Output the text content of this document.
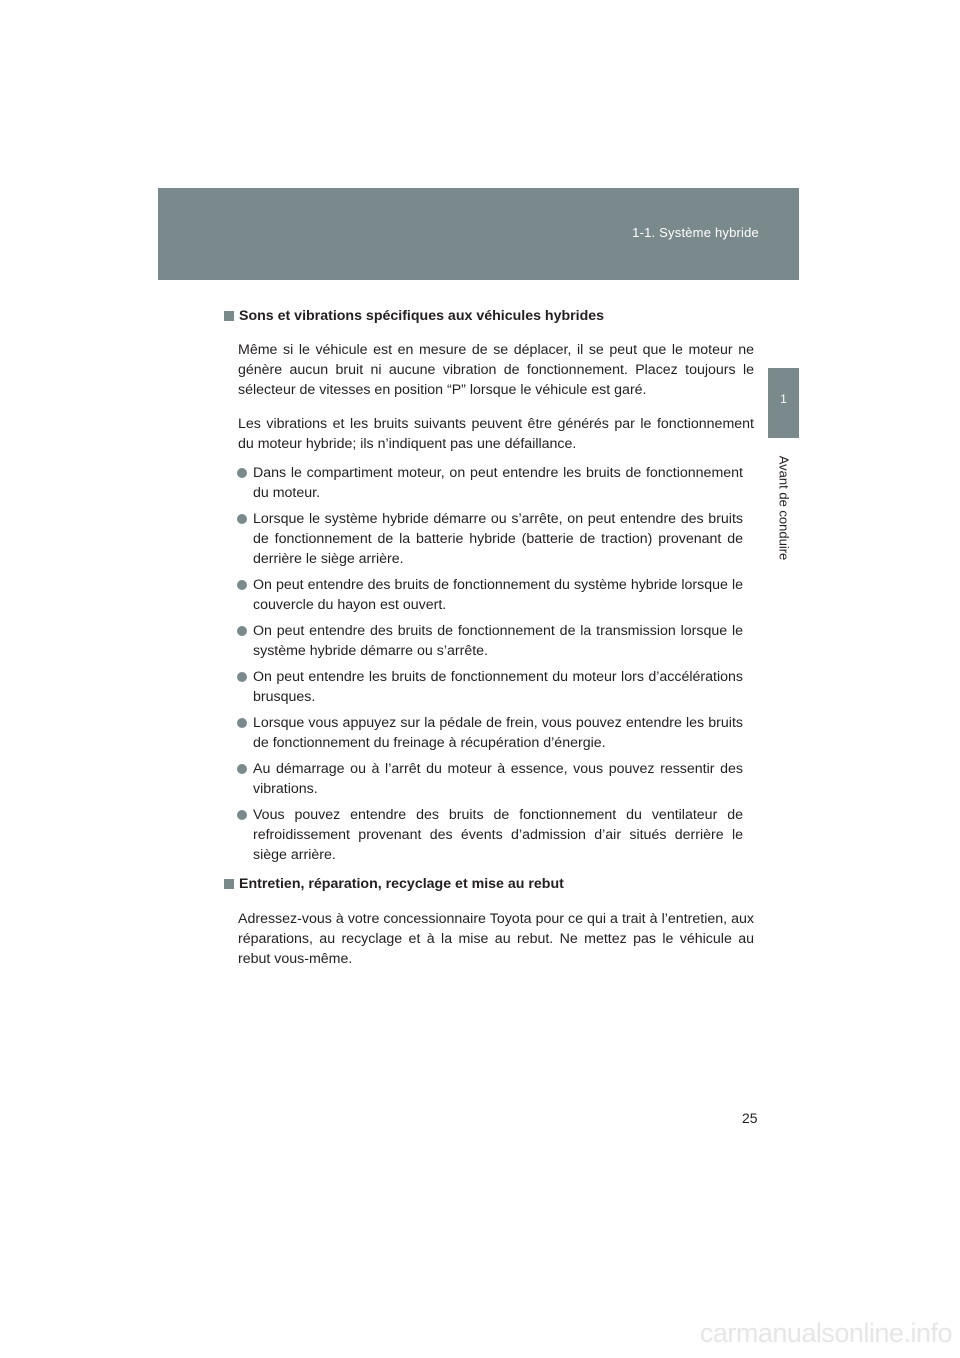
1-1. Système hybride
1
Avant de conduire
Sons et vibrations spécifiques aux véhicules hybrides

Même si le véhicule est en mesure de se déplacer, il se peut que le moteur ne génère aucun bruit ni aucune vibration de fonctionnement. Placez toujours le sélecteur de vitesses en position “P” lorsque le véhicule est garé.

Les vibrations et les bruits suivants peuvent être générés par le fonctionnement du moteur hybride; ils n’indiquent pas une défaillance.

Dans le compartiment moteur, on peut entendre les bruits de fonctionnement du moteur.
Lorsque le système hybride démarre ou s’arrête, on peut entendre des bruits de fonctionnement de la batterie hybride (batterie de traction) provenant de derrière le siège arrière.
On peut entendre des bruits de fonctionnement du système hybride lorsque le couvercle du hayon est ouvert.
On peut entendre des bruits de fonctionnement de la transmission lorsque le système hybride démarre ou s’arrête.
On peut entendre les bruits de fonctionnement du moteur lors d’accélérations brusques.
Lorsque vous appuyez sur la pédale de frein, vous pouvez entendre les bruits de fonctionnement du freinage à récupération d’énergie.
Au démarrage ou à l’arrêt du moteur à essence, vous pouvez ressentir des vibrations.
Vous pouvez entendre des bruits de fonctionnement du ventilateur de refroidissement provenant des évents d’admission d’air situés derrière le siège arrière.
Entretien, réparation, recyclage et mise au rebut

Adressez-vous à votre concessionnaire Toyota pour ce qui a trait à l’entretien, aux réparations, au recyclage et à la mise au rebut. Ne mettez pas le véhicule au rebut vous-même.

25
carmanualsonline.info
